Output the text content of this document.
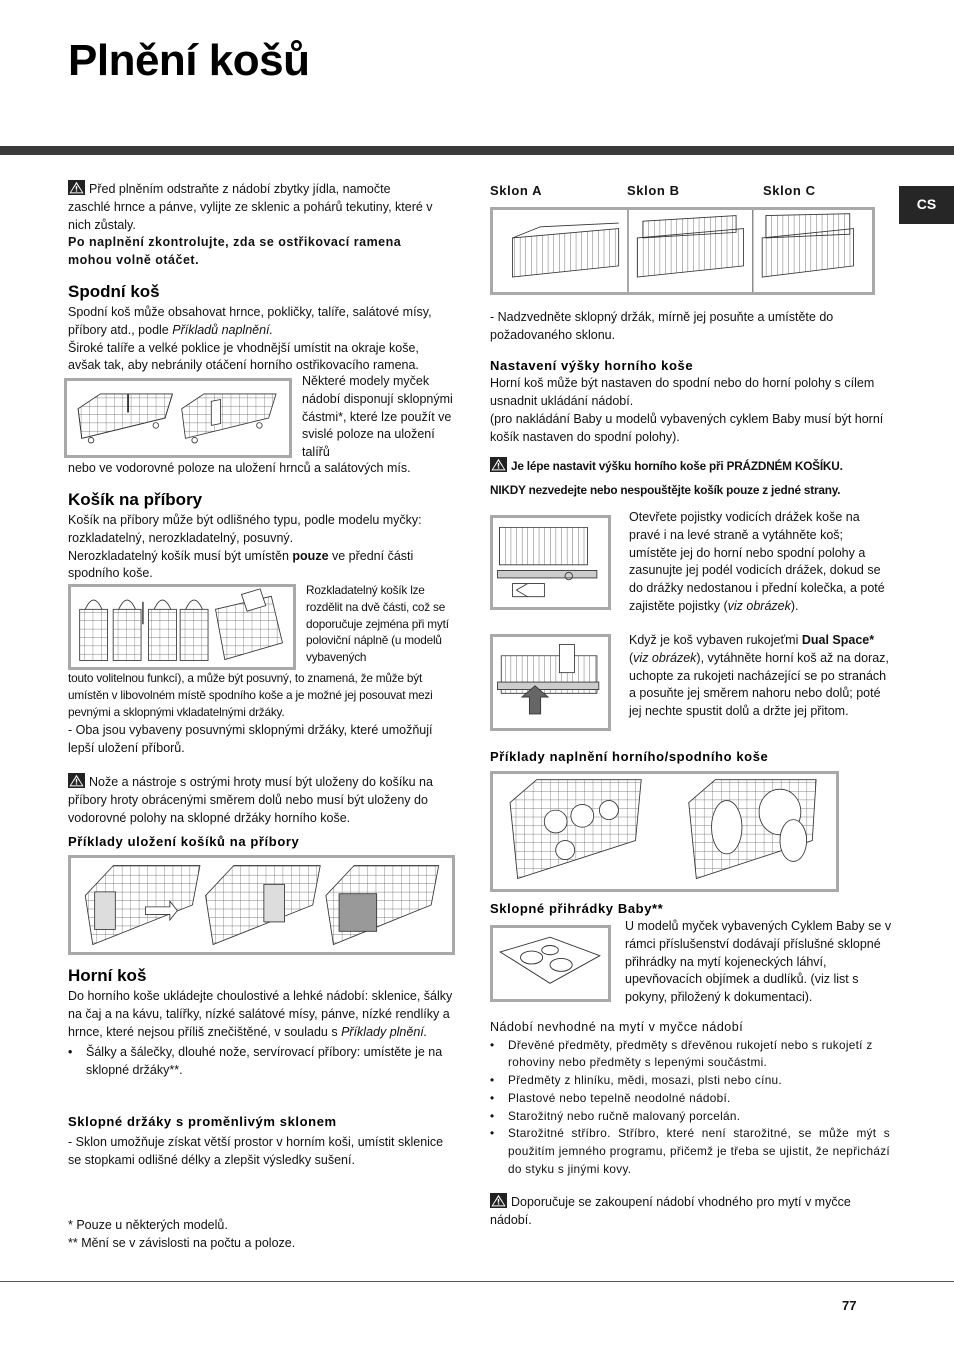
Plnění košů
CS

Před plněním odstraňte z nádobí zbytky jídla, namočte zaschlé hrnce a pánve, vylijte ze sklenic a pohárů tekutiny, které v nich zůstaly.

Po naplnění zkontrolujte, zda se ostřikovací ramena mohou volně otáčet.

Spodní koš

Spodní koš může obsahovat hrnce, pokličky, talíře, salátové mísy, příbory atd., podle Příkladů naplnění.

Široké talíře a velké poklice je vhodnější umístit na okraje koše, avšak tak, aby nebránily otáčení horního ostřikovacího ramena.

Některé modely myček nádobí disponují sklopnými částmi*, které lze použít ve svislé poloze na uložení talířů
nebo ve vodorovné poloze na uložení hrnců a salátových mís.
Košík na příbory

Košík na příbory může být odlišného typu, podle modelu myčky: rozkladatelný, nerozkladatelný, posuvný.

Nerozkladatelný košík musí být umístěn pouze ve přední části spodního koše.

Rozkladatelný košík lze rozdělit na dvě části, což se doporučuje zejména při mytí poloviční náplně (u modelů vybavených
touto volitelnou funkcí), a může být posuvný, to znamená, že může být umístěn v libovolném místě spodního koše a je možné jej posouvat mezi pevnými a sklopnými vkladatelnými držáky.
- Oba jsou vybaveny posuvnými sklopnými držáky, které umožňují lepší uložení příborů.

Nože a nástroje s ostrými hroty musí být uloženy do košíku na příbory hroty obrácenými směrem dolů nebo musí být uloženy do vodorovné polohy na sklopné držáky horního koše.

Příklady uložení košíků na příbory
Horní koš

Do horního koše ukládejte choulostivé a lehké nádobí: sklenice, šálky na čaj a na kávu, talířky, nízké salátové mísy, pánve, nízké rendlíky a hrnce, které nejsou příliš znečištěné, v souladu s Příklady plnění.

• Šálky a šálečky, dlouhé nože, servírovací příbory: umístěte je na sklopné držáky**.
Sklopné držáky s proměnlivým sklonem

- Sklon umožňuje získat větší prostor v horním koši, umístit sklenice se stopkami odlišné délky a zlepšit výsledky sušení.

* Pouze u některých modelů.

** Mění se v závislosti na počtu a poloze.

Sklon A	Sklon B	Sklon C

- Nadzvedněte sklopný držák, mírně jej posuňte a umístěte do požadovaného sklonu.

Nastavení výšky horního koše

Horní koš může být nastaven do spodní nebo do horní polohy s cílem usnadnit ukládání nádobí.

(pro nakládání Baby u modelů vybavených cyklem Baby musí být horní košík nastaven do spodní polohy).

Je lépe nastavit výšku horního koše při PRÁZDNÉM KOŠÍKU.

NIKDY nezvedejte nebo nespouštějte košík pouze z jedné strany.

Otevřete pojistky vodicích drážek koše na pravé i na levé straně a vytáhněte koš; umístěte jej do horní nebo spodní polohy a zasunujte jej podél vodicích drážek, dokud se do drážky nedostanou i přední kolečka, a poté zajistěte pojistky (viz obrázek).

Když je koš vybaven rukojeťmi Dual Space* (viz obrázek), vytáhněte horní koš až na doraz, uchopte za rukojeti nacházející se po stranách a posuňte jej směrem nahoru nebo dolů; poté jej nechte spustit dolů a držte jej přitom.

Příklady naplnění horního/spodního koše
Sklopné přihrádky Baby**

U modelů myček vybavených Cyklem Baby se v rámci příslušenství dodávají příslušné sklopné přihrádky na mytí kojeneckých láhví, upevňovacích objímek a dudlíků. (viz list s pokyny, přiložený k dokumentaci).

Nádobí nevhodné na mytí v myčce nádobí

• Dřevěné předměty, předměty s dřevěnou rukojetí nebo s rukojetí z rohoviny nebo předměty s lepenými součástmi.
• Předměty z hliníku, mědi, mosazi, plsti nebo cínu.
• Plastové nebo tepelně neodolné nádobí.
• Starožitný nebo ručně malovaný porcelán.
• Starožitné stříbro. Stříbro, které není starožitné, se může mýt s použitím jemného programu, přičemž je třeba se ujistit, že nepřichází do styku s jinými kovy.

Doporučuje se zakoupení nádobí vhodného pro mytí v myčce nádobí.

77
